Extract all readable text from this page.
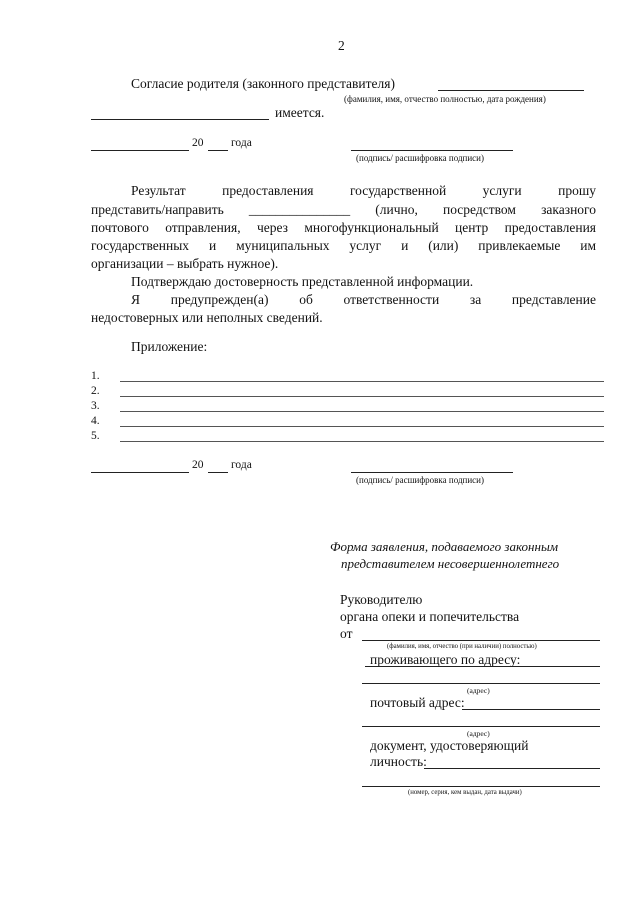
2
Согласие родителя (законного представителя)
(фамилия, имя, отчество полностью, дата рождения)
имеется.
20 года
(подпись/ расшифровка подписи)
Результат предоставления государственной услуги прошу
представить/направить _______________ (лично, посредством заказного
почтового отправления, через многофункциональный центр предоставления
государственных и муниципальных услуг и (или) привлекаемые им
организации – выбрать нужное).
Подтверждаю достоверность представленной информации.
Я предупрежден(а) об ответственности за представление
недостоверных или неполных сведений.
Приложение:
1.
2.
3.
4.
5.
20 года
(подпись/ расшифровка подписи)
Форма заявления, подаваемого законным
представителем несовершеннолетнего
Руководителю
органа опеки и попечительства
от
(фамилия, имя, отчество (при наличии) полностью)
проживающего по адресу:
(адрес)
почтовый адрес:
(адрес)
документ, удостоверяющий
личность:
(номер, серия, кем выдан, дата выдачи)
